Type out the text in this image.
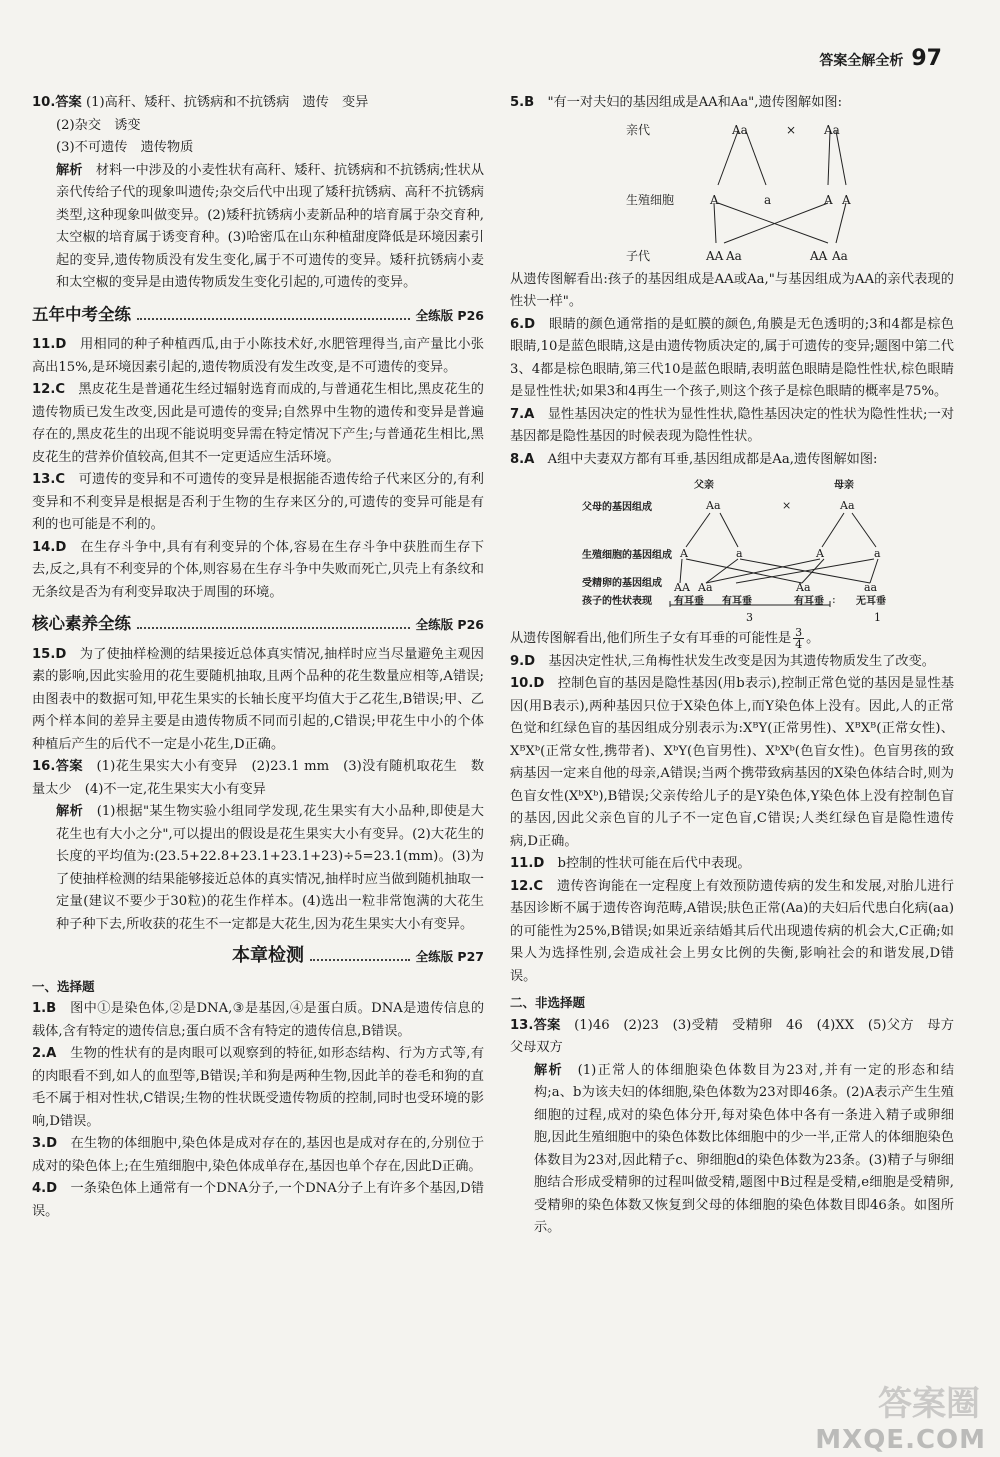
答案全解全析 97

10.答案 (1)高秆、矮秆、抗锈病和不抗锈病　遗传　变异

(2)杂交　诱变

(3)不可遗传　遗传物质

解析　 材料一中涉及的小麦性状有高秆、矮秆、抗锈病和不抗锈病;性状从亲代传给子代的现象叫遗传;杂交后代中出现了矮秆抗锈病、高秆不抗锈病类型,这种现象叫做变异。(2)矮秆抗锈病小麦新品种的培育属于杂交育种,太空椒的培育属于诱变育种。(3)哈密瓜在山东种植甜度降低是环境因素引起的变异,遗传物质没有发生变化,属于不可遗传的变异。矮秆抗锈病小麦和太空椒的变异是由遗传物质发生变化引起的,可遗传的变异。

五年中考全练	全练版 P26

11.D　 用相同的种子种植西瓜,由于小陈技术好,水肥管理得当,亩产量比小张高出15%,是环境因素引起的,遗传物质没有发生改变,是不可遗传的变异。

12.C　 黑皮花生是普通花生经过辐射选育而成的,与普通花生相比,黑皮花生的遗传物质已发生改变,因此是可遗传的变异;自然界中生物的遗传和变异是普遍存在的,黑皮花生的出现不能说明变异需在特定情况下产生;与普通花生相比,黑皮花生的营养价值较高,但其不一定更适应生活环境。

13.C　 可遗传的变异和不可遗传的变异是根据能否遗传给子代来区分的,有利变异和不利变异是根据是否利于生物的生存来区分的,可遗传的变异可能是有利的也可能是不利的。

14.D　 在生存斗争中,具有有利变异的个体,容易在生存斗争中获胜而生存下去,反之,具有不利变异的个体,则容易在生存斗争中失败而死亡,贝壳上有条纹和无条纹是否为有利变异取决于周围的环境。

核心素养全练	全练版 P26

15.D　 为了使抽样检测的结果接近总体真实情况,抽样时应当尽量避免主观因素的影响,因此实验用的花生要随机抽取,且两个品种的花生数量应相等,A错误;由图表中的数据可知,甲花生果实的长轴长度平均值大于乙花生,B错误;甲、乙两个样本间的差异主要是由遗传物质不同而引起的,C错误;甲花生中小的个体种植后产生的后代不一定是小花生,D正确。

16.答案　 (1)花生果实大小有变异　(2)23.1 mm　(3)没有随机取花生　数量太少　(4)不一定,花生果实大小有变异

解析　 (1)根据"某生物实验小组同学发现,花生果实有大小品种,即使是大花生也有大小之分",可以提出的假设是花生果实大小有变异。(2)大花生的长度的平均值为:(23.5+22.8+23.1+23.1+23)÷5=23.1(mm)。(3)为了使抽样检测的结果能够接近总体的真实情况,抽样时应当做到随机抽取一定量(建议不要少于30粒)的花生作样本。(4)选出一粒非常饱满的大花生种子种下去,所收获的花生不一定都是大花生,因为花生果实大小有变异。

本章检测	全练版 P27

一、选择题

1.B　 图中①是染色体,②是DNA,③是基因,④是蛋白质。DNA是遗传信息的载体,含有特定的遗传信息;蛋白质不含有特定的遗传信息,B错误。

2.A　 生物的性状有的是肉眼可以观察到的特征,如形态结构、行为方式等,有的肉眼看不到,如人的血型等,B错误;羊和狗是两种生物,因此羊的卷毛和狗的直毛不属于相对性状,C错误;生物的性状既受遗传物质的控制,同时也受环境的影响,D错误。

3.D　 在生物的体细胞中,染色体是成对存在的,基因也是成对存在的,分别位于成对的染色体上;在生殖细胞中,染色体成单存在,基因也单个存在,因此D正确。

4.D　 一条染色体上通常有一个DNA分子,一个DNA分子上有许多个基因,D错误。

5.B　 "有一对夫妇的基因组成是AA和Aa",遗传图解如图:

亲代	Aa	× Aa
生殖细胞	A	a	A A
子代	AA Aa	AA Aa

从遗传图解看出:孩子的基因组成是AA或Aa,"与基因组成为AA的亲代表现的性状一样"。

6.D　 眼睛的颜色通常指的是虹膜的颜色,角膜是无色透明的;3和4都是棕色眼睛,10是蓝色眼睛,这是由遗传物质决定的,属于可遗传的变异;题图中第二代3、4都是棕色眼睛,第三代10是蓝色眼睛,表明蓝色眼睛是隐性性状,棕色眼睛是显性性状;如果3和4再生一个孩子,则这个孩子是棕色眼睛的概率是75%。

7.A　 显性基因决定的性状为显性性状,隐性基因决定的性状为隐性性状;一对基因都是隐性基因的时候表现为隐性性状。

8.A　 A组中夫妻双方都有耳垂,基因组成都是Aa,遗传图解如图:

父亲	母亲
父母的基因组成	Aa	×	Aa
生殖细胞的基因组成 A	a	A	a
受精卵的基因组成 AA Aa	Aa	aa
孩子的性状表现 有耳垂 有耳垂	有耳垂	无耳垂
3
:
1

从遗传图解看出,他们所生子女有耳垂的可能性是 $\frac{3}{4}$ 。

9.D　 基因决定性状,三角梅性状发生改变是因为其遗传物质发生了改变。

10.D　 控制色盲的基因是隐性基因(用b表示),控制正常色觉的基因是显性基因(用B表示),两种基因只位于X染色体上,而Y染色体上没有。因此,人的正常色觉和红绿色盲的基因组成分别表示为:XᴮY(正常男性)、XᴮXᴮ(正常女性)、XᴮXᵇ(正常女性,携带者)、XᵇY(色盲男性)、XᵇXᵇ(色盲女性)。色盲男孩的致病基因一定来自他的母亲,A错误;当两个携带致病基因的X染色体结合时,则为色盲女性(XᵇXᵇ),B错误;父亲传给儿子的是Y染色体,Y染色体上没有控制色盲的基因,因此父亲色盲的儿子不一定色盲,C错误;人类红绿色盲是隐性遗传病,D正确。

11.D　 b控制的性状可能在后代中表现。

12.C　 遗传咨询能在一定程度上有效预防遗传病的发生和发展,对胎儿进行基因诊断不属于遗传咨询范畴,A错误;肤色正常(Aa)的夫妇后代患白化病(aa)的可能性为25%,B错误;如果近亲结婚其后代出现遗传病的机会大,C正确;如果人为选择性别,会造成社会上男女比例的失衡,影响社会的和谐发展,D错误。

二、非选择题

13.答案　 (1)46　(2)23　(3)受精　受精卵　46　(4)XX　(5)父方　母方　父母双方

解析　 (1)正常人的体细胞染色体数目为23对,并有一定的形态和结构;a、b为该夫妇的体细胞,染色体数为23对即46条。(2)A表示产生生殖细胞的过程,成对的染色体分开,每对染色体中各有一条进入精子或卵细胞,因此生殖细胞中的染色体数比体细胞中的少一半,正常人的体细胞染色体数目为23对,因此精子c、卵细胞d的染色体数为23条。(3)精子与卵细胞结合形成受精卵的过程叫做受精,题图中B过程是受精,e细胞是受精卵,受精卵的染色体数又恢复到父母的体细胞的染色体数目即46条。如图所示。

答案圈
MXQE.COM
